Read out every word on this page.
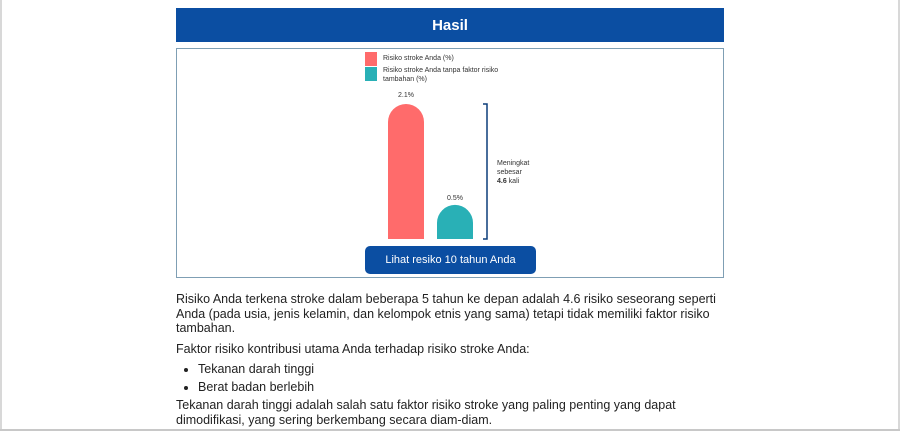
Hasil
Risiko stroke Anda (%)
Risiko stroke Anda tanpa faktor risiko
tambahan (%)
2.1%
0.5%
Meningkat
sebesar
4.6 kali
Lihat resiko 10 tahun Anda

Risiko Anda terkena stroke dalam beberapa 5 tahun ke depan adalah 4.6 risiko seseorang seperti Anda (pada usia, jenis kelamin, dan kelompok etnis yang sama) tetapi tidak memiliki faktor risiko tambahan.

Faktor risiko kontribusi utama Anda terhadap risiko stroke Anda:

• Tekanan darah tinggi
• Berat badan berlebih

Tekanan darah tinggi adalah salah satu faktor risiko stroke yang paling penting yang dapat dimodifikasi, yang sering berkembang secara diam-diam.
